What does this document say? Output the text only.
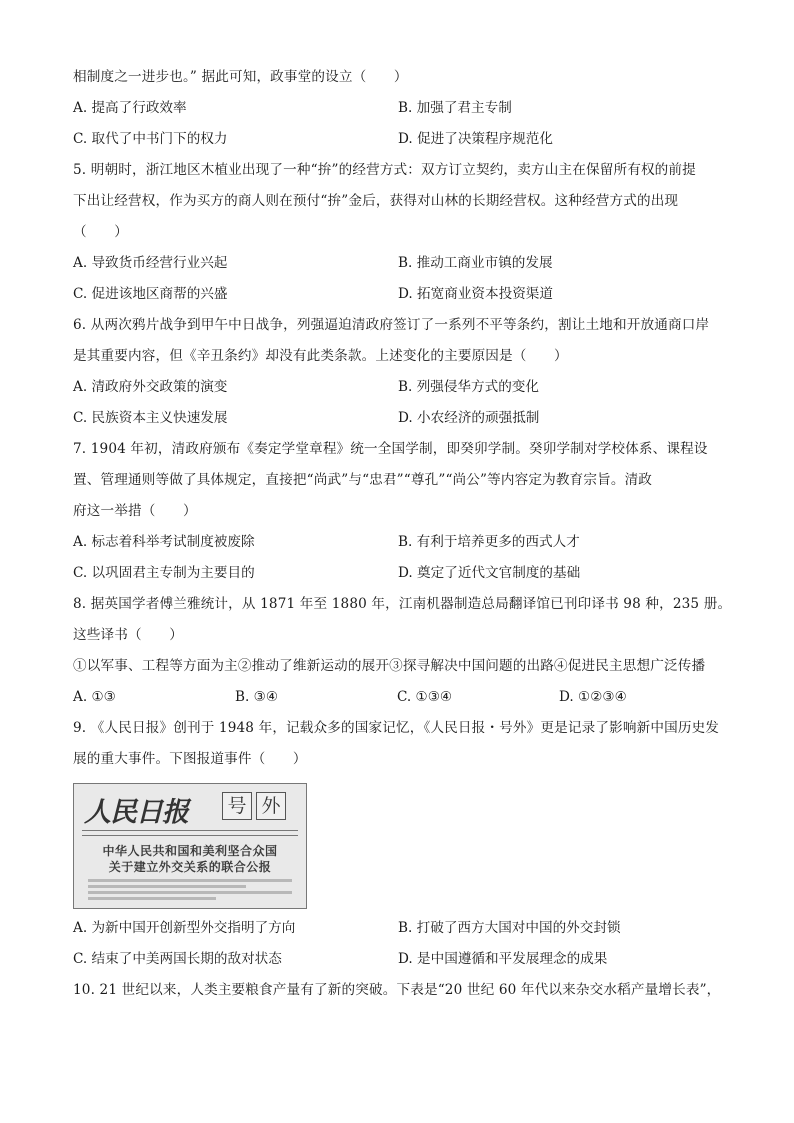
相制度之一进步也。” 据此可知，政事堂的设立（　　）
A. 提高了行政效率	B. 加强了君主专制
C. 取代了中书门下的权力	D. 促进了决策程序规范化
5. 明朝时，浙江地区木植业出现了一种“拚”的经营方式：双方订立契约，卖方山主在保留所有权的前提
下出让经营权，作为买方的商人则在预付“拚”金后，获得对山林的长期经营权。这种经营方式的出现
（　　）
A. 导致货币经营行业兴起	B. 推动工商业市镇的发展
C. 促进该地区商帮的兴盛	D. 拓宽商业资本投资渠道
6. 从两次鸦片战争到甲午中日战争，列强逼迫清政府签订了一系列不平等条约，割让土地和开放通商口岸
是其重要内容，但《辛丑条约》却没有此类条款。上述变化的主要原因是（　　）
A. 清政府外交政策的演变	B. 列强侵华方式的变化
C. 民族资本主义快速发展	D. 小农经济的顽强抵制
7. 1904 年初，清政府颁布《奏定学堂章程》统一全国学制，即癸卯学制。癸卯学制对学校体系、课程设
置、管理通则等做了具体规定，直接把“尚武”与“忠君”“尊孔”“尚公”等内容定为教育宗旨。清政
府这一举措（　　）
A. 标志着科举考试制度被废除	B. 有利于培养更多的西式人才
C. 以巩固君主专制为主要目的	D. 奠定了近代文官制度的基础
8. 据英国学者傅兰雅统计，从 1871 年至 1880 年，江南机器制造总局翻译馆已刊印译书 98 种，235 册。
这些译书（　　）
①以军事、工程等方面为主②推动了维新运动的展开③探寻解决中国问题的出路④促进民主思想广泛传播
A. ①③	B. ③④	C. ①③④	D. ①②③④
9. 《人民日报》创刊于 1948 年，记载众多的国家记忆，《人民日报・号外》更是记录了影响新中国历史发
展的重大事件。下图报道事件（　　）
人民日报 号 外
中华人民共和国和美利坚合众国
关于建立外交关系的联合公报
A. 为新中国开创新型外交指明了方向	B. 打破了西方大国对中国的外交封锁
C. 结束了中美两国长期的敌对状态	D. 是中国遵循和平发展理念的成果
10. 21 世纪以来，人类主要粮食产量有了新的突破。下表是“20 世纪 60 年代以来杂交水稻产量增长表”，
